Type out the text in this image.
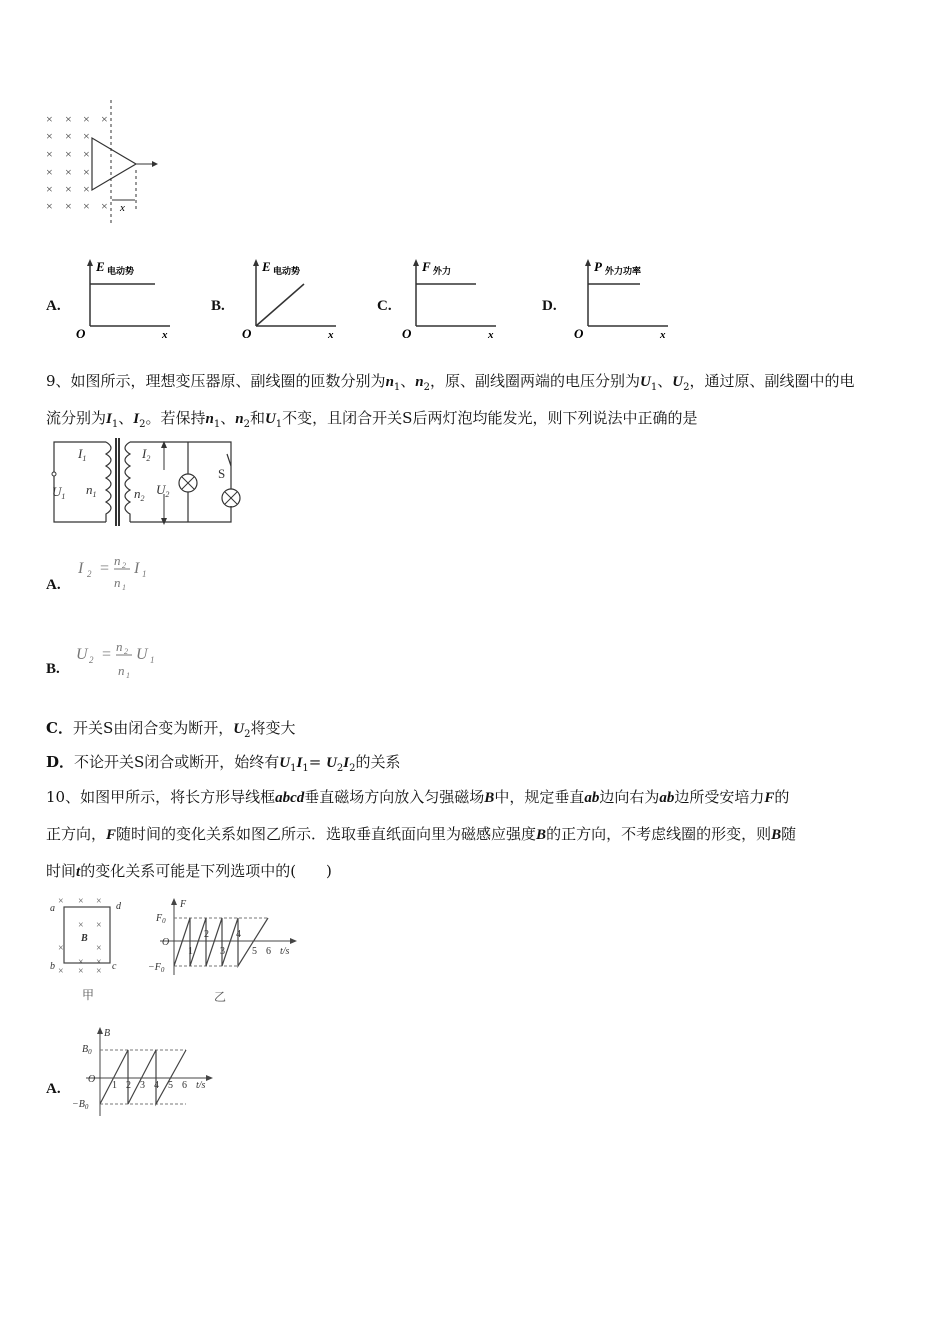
× × × ×
× × ×
× × ×
× × ×
× × ×
× × × × x
A.
E 电动势
O	x
B.
E 电动势
O	x
C.
F 外力
O	x
D.
P 外力功率
O	x
9、如图所示，理想变压器原、副线圈的匝数分别为$n_1$、$n_2$，原、副线圈两端的电压分别为$U_1$、$U_2$，通过原、副线圈中的电
流分别为$I_1$、$I_2$。若保持$n_1$、$n_2$和$U_1$不变，且闭合开关S后两灯泡均能发光，则下列说法中正确的是
$I_1$
$U_1$ $n_1$
$I_2$
$n_2$
$U_2$
S
A.
I 2 = n 2
n 1
I 1
B.
U 2 = n 2
n 1
U 1
C．开关S由闭合变为断开，$U_2$将变大
D．不论开关S闭合或断开，始终有$U_1I_1= U_2I_2$的关系
10、如图甲所示，将长方形导线框abcd垂直磁场方向放入匀强磁场B中，规定垂直ab边向右为ab边所受安培力F的
正方向，F随时间的变化关系如图乙所示．选取垂直纸面向里为磁感应强度B的正方向，不考虑线圈的形变，则B随
时间t的变化关系可能是下列选项中的(　　)
× × ×
× ×
×	×
× ×
× × ×
a	d
b	c
B
甲
F
$F_0$
O
$-F_0$
1
2
3
4
5 6 t/s
乙
A.
B
$B_0$
O
$-B_0$
1 2 3 4 5 6 t/s
